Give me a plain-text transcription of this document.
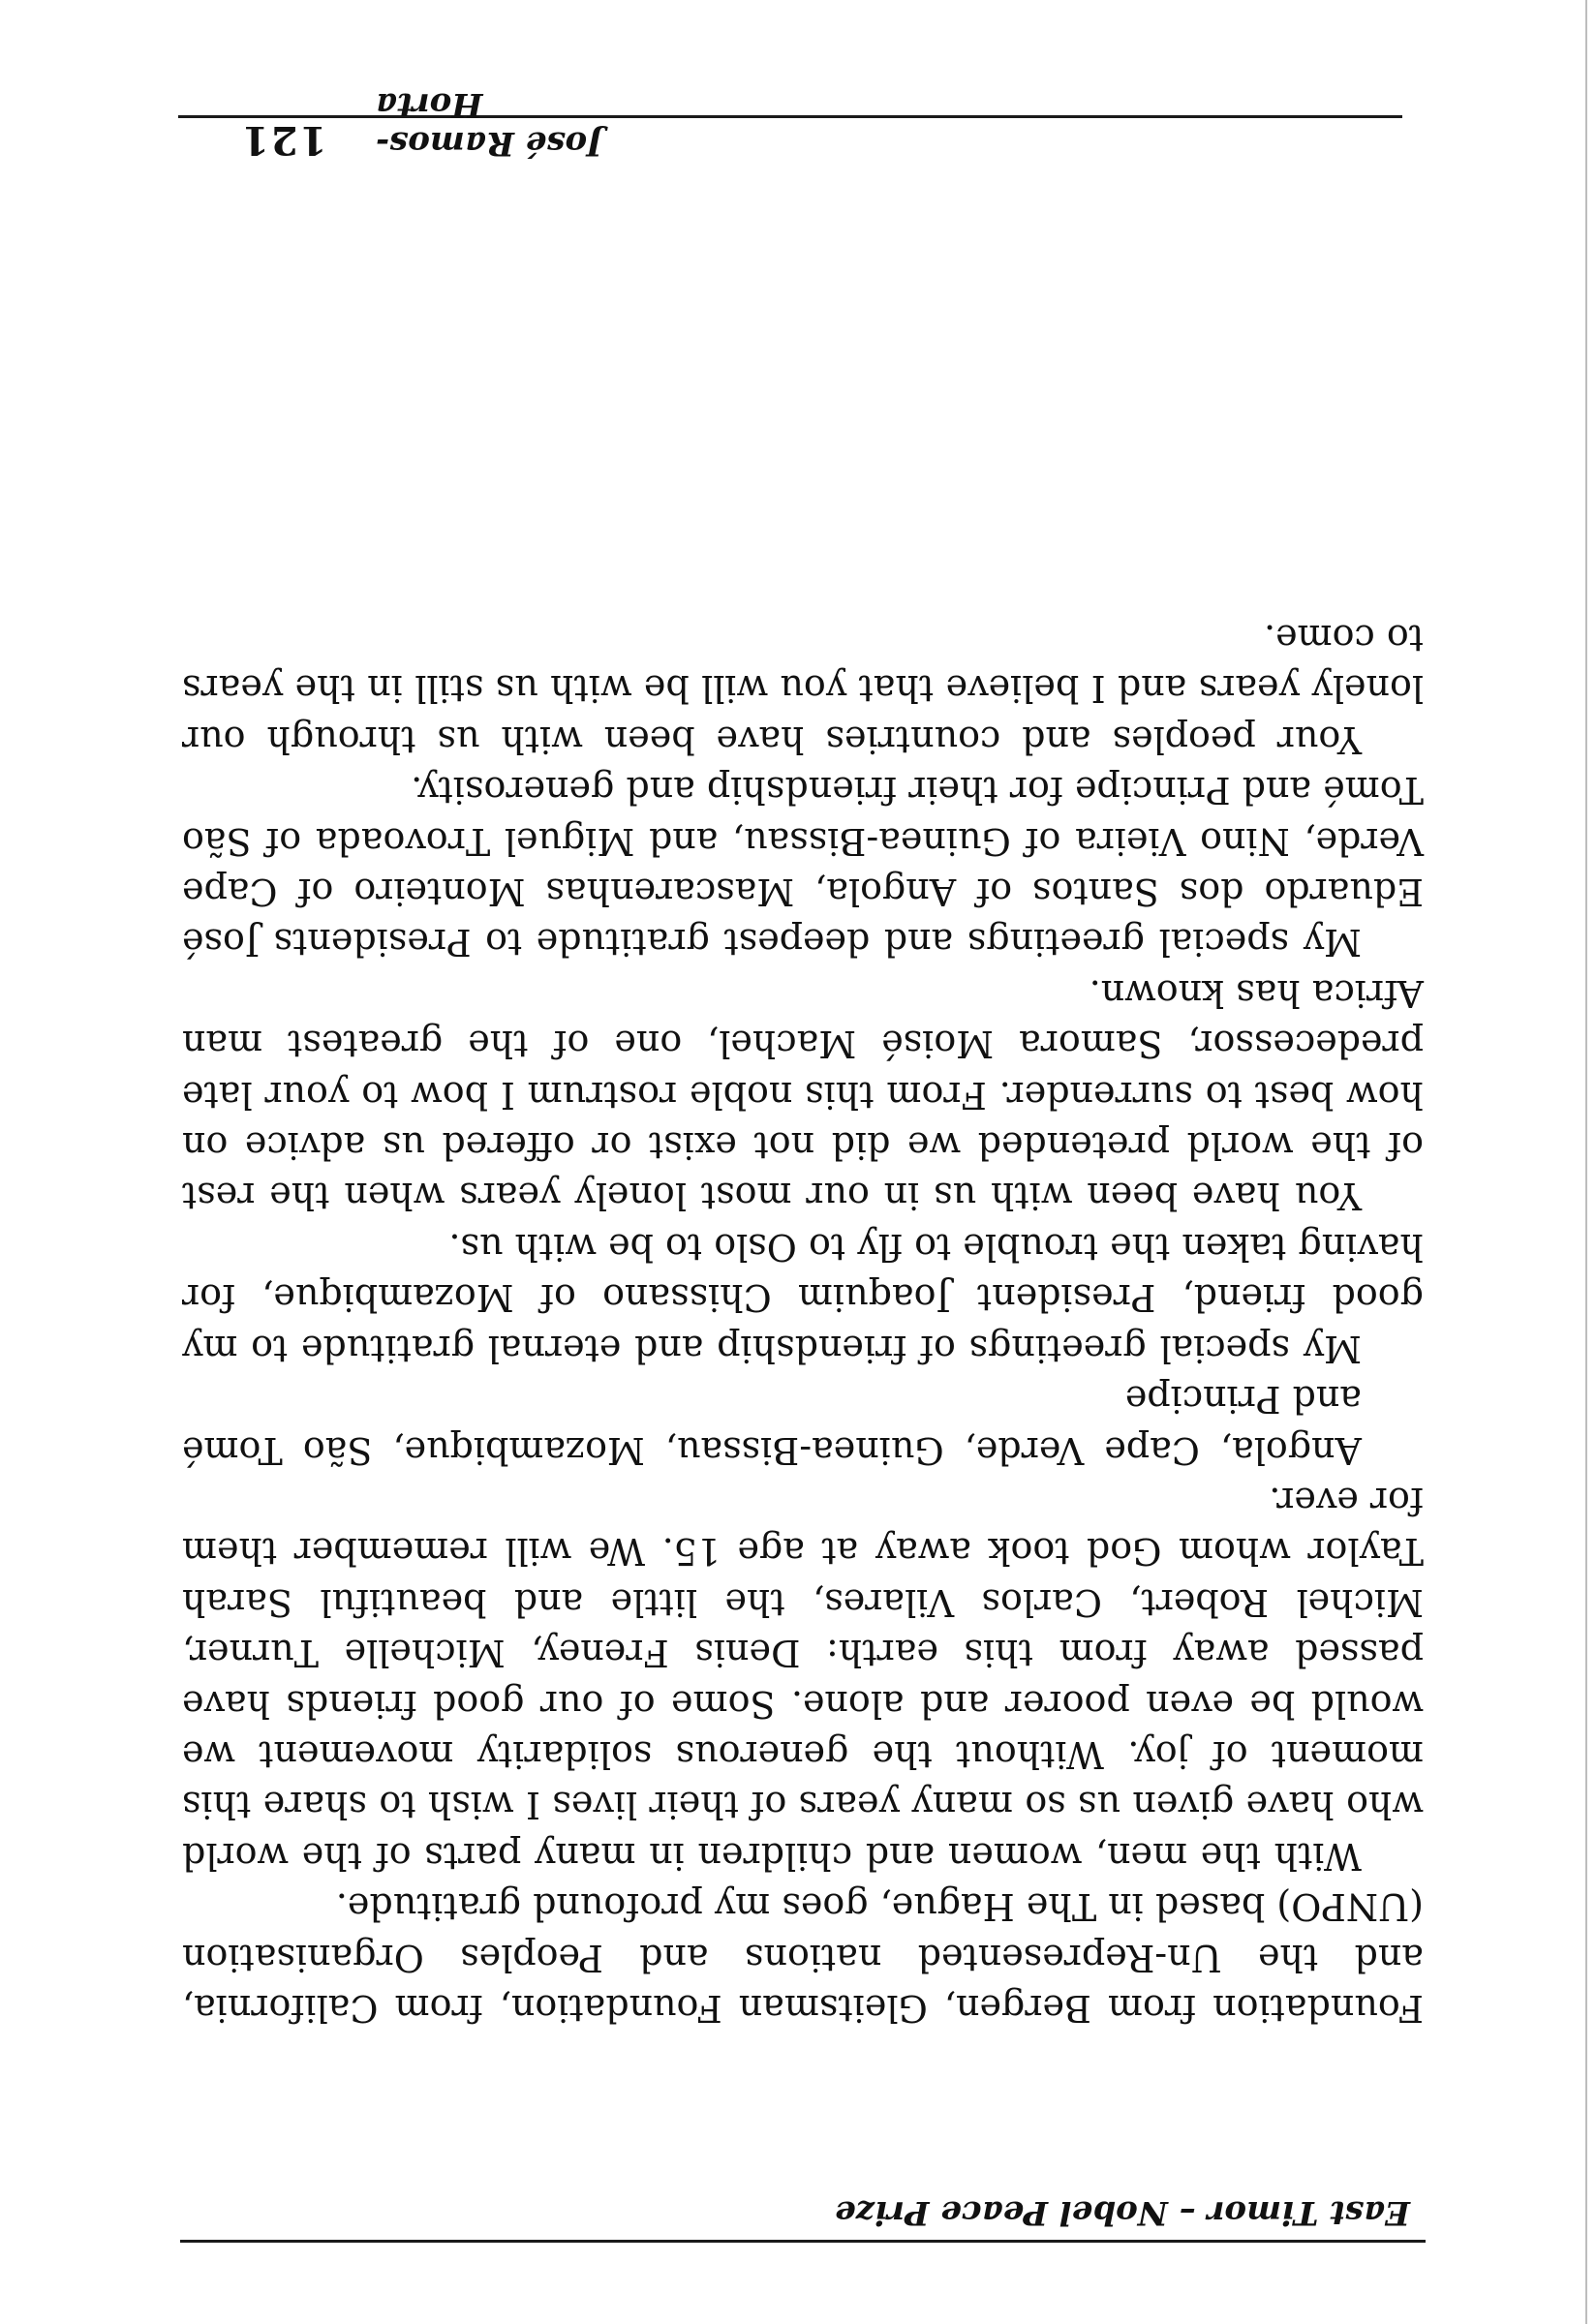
José Ramos-Horta
121

Foundation from Bergen, Gleitsman Foundation, from California, and the Un-Represented nations and Peoples Organisation (UNPO) based in The Hague, goes my profound gratitude.

With the men, women and children in many parts of the world who have given us so many years of their lives I wish to share this moment of joy. Without the generous solidarity movement we would be even poorer and alone. Some of our good friends have passed away from this earth: Denis Freney, Michelle Turner, Michel Robert, Carlos Vilares, the little and beautiful Sarah Taylor whom God took away at age 15. We will remember them for ever.

Angola, Cape Verde, Guinea-Bissau, Mozambique, São Tomé and Principe

My special greetings of friendship and eternal gratitude to my good friend, President Joaquim Chissano of Mozambique, for having taken the trouble to fly to Oslo to be with us.

You have been with us in our most lonely years when the rest of the world pretended we did not exist or offered us advice on how best to surrender. From this noble rostrum I bow to your late predecessor, Samora Moisé Machel, one of the greatest man Africa has known.

My special greetings and deepest gratitude to Presidents José Eduardo dos Santos of Angola, Mascarenhas Monteiro of Cape Verde, Nino Vieira of Guinea-Bissau, and Miguel Trovoada of São Tomé and Principe for their friendship and generosity.

Your peoples and countries have been with us through our lonely years and I believe that you will be with us still in the years to come.

East Timor – Nobel Peace Prize
